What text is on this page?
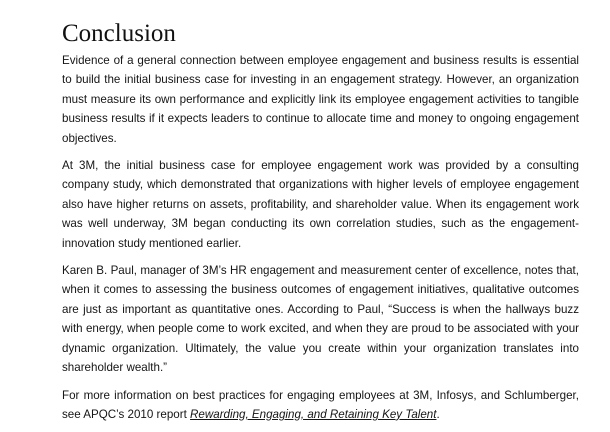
Conclusion

Evidence of a general connection between employee engagement and business results is essential to build the initial business case for investing in an engagement strategy. However, an organization must measure its own performance and explicitly link its employee engagement activities to tangible business results if it expects leaders to continue to allocate time and money to ongoing engagement objectives.

At 3M, the initial business case for employee engagement work was provided by a consulting company study, which demonstrated that organizations with higher levels of employee engagement also have higher returns on assets, profitability, and shareholder value. When its engagement work was well underway, 3M began conducting its own correlation studies, such as the engagement-innovation study mentioned earlier.

Karen B. Paul, manager of 3M’s HR engagement and measurement center of excellence, notes that, when it comes to assessing the business outcomes of engagement initiatives, qualitative outcomes are just as important as quantitative ones. According to Paul, “Success is when the hallways buzz with energy, when people come to work excited, and when they are proud to be associated with your dynamic organization. Ultimately, the value you create within your organization translates into shareholder wealth.”

For more information on best practices for engaging employees at 3M, Infosys, and Schlumberger, see APQC’s 2010 report Rewarding, Engaging, and Retaining Key Talent.
